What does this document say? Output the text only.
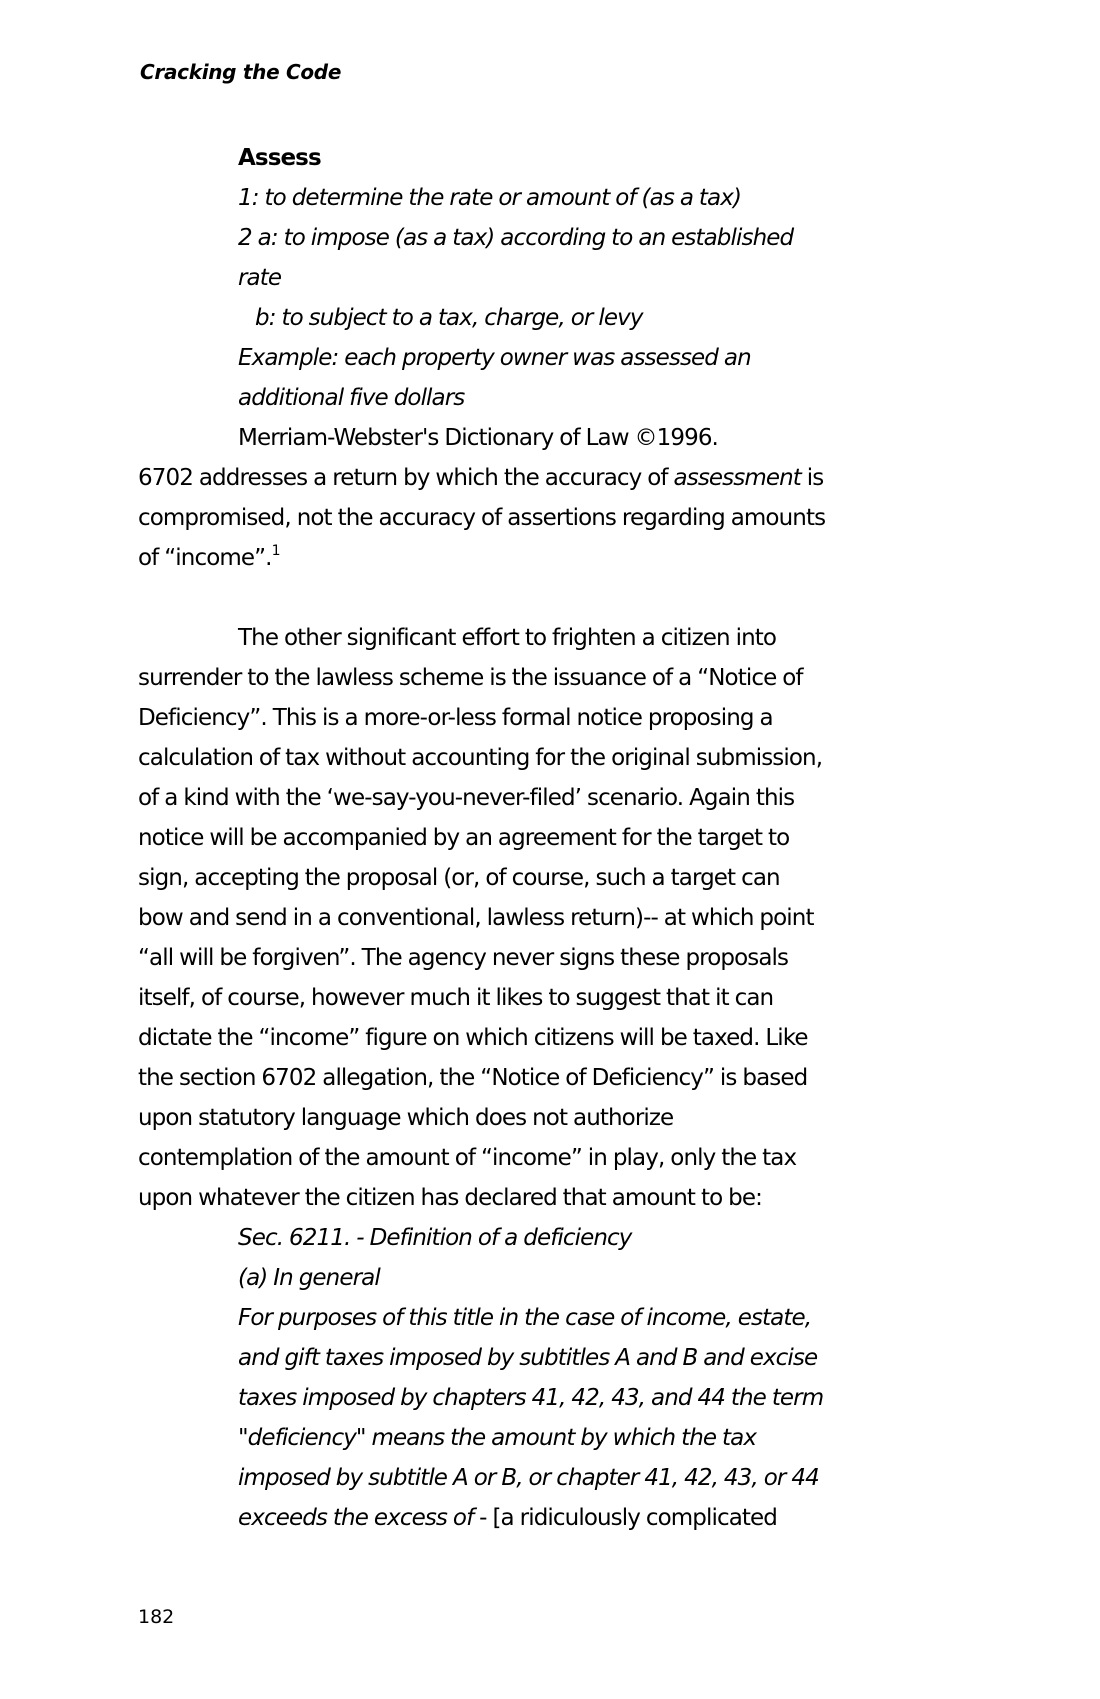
Cracking the Code
Assess
1: to determine the rate or amount of (as a tax)
2 a: to impose (as a tax) according to an established
rate
b: to subject to a tax, charge, or levy
Example: each property owner was assessed an
additional five dollars
Merriam-Webster's Dictionary of Law ©1996.
6702 addresses a return by which the accuracy of assessment is
compromised, not the accuracy of assertions regarding amounts
of “income”.$^1$
The other significant effort to frighten a citizen into
surrender to the lawless scheme is the issuance of a “Notice of
Deficiency”. This is a more-or-less formal notice proposing a
calculation of tax without accounting for the original submission,
of a kind with the ‘we-say-you-never-filed’ scenario. Again this
notice will be accompanied by an agreement for the target to
sign, accepting the proposal (or, of course, such a target can
bow and send in a conventional, lawless return)-- at which point
“all will be forgiven”. The agency never signs these proposals
itself, of course, however much it likes to suggest that it can
dictate the “income” figure on which citizens will be taxed. Like
the section 6702 allegation, the “Notice of Deficiency” is based
upon statutory language which does not authorize
contemplation of the amount of “income” in play, only the tax
upon whatever the citizen has declared that amount to be:
Sec. 6211. - Definition of a deficiency
(a) In general
For purposes of this title in the case of income, estate,
and gift taxes imposed by subtitles A and B and excise
taxes imposed by chapters 41, 42, 43, and 44 the term
"deficiency" means the amount by which the tax
imposed by subtitle A or B, or chapter 41, 42, 43, or 44
exceeds the excess of - [a ridiculously complicated
182
